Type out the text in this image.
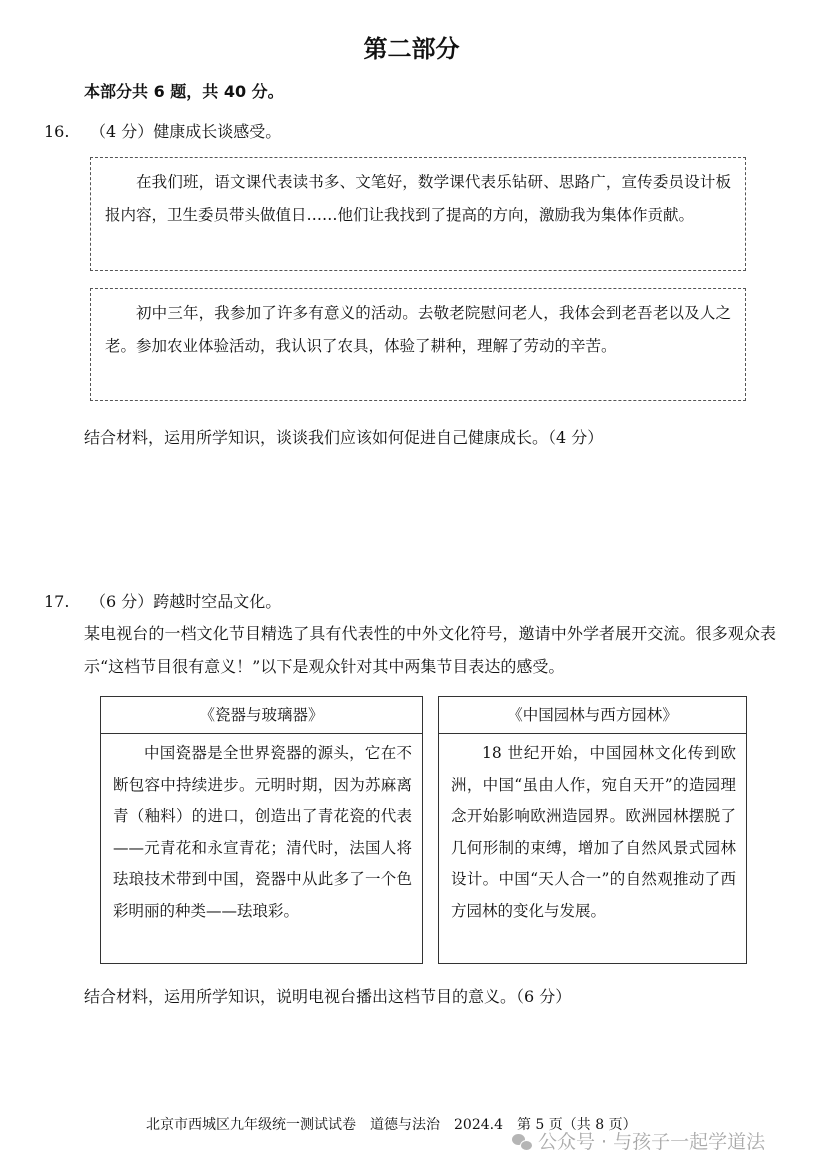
第二部分
本部分共 6 题，共 40 分。
16. （4 分）健康成长谈感受。

在我们班，语文课代表读书多、文笔好，数学课代表乐钻研、思路广，宣传委员设计板报内容，卫生委员带头做值日……他们让我找到了提高的方向，激励我为集体作贡献。

初中三年，我参加了许多有意义的活动。去敬老院慰问老人，我体会到老吾老以及人之老。参加农业体验活动，我认识了农具，体验了耕种，理解了劳动的辛苦。

结合材料，运用所学知识，谈谈我们应该如何促进自己健康成长。（4 分）
17. （6 分）跨越时空品文化。

某电视台的一档文化节目精选了具有代表性的中外文化符号，邀请中外学者展开交流。很多观众表示“这档节目很有意义！”以下是观众针对其中两集节目表达的感受。

《瓷器与玻璃器》

中国瓷器是全世界瓷器的源头，它在不断包容中持续进步。元明时期，因为苏麻离青（釉料）的进口，创造出了青花瓷的代表——元青花和永宣青花；清代时，法国人将珐琅技术带到中国，瓷器中从此多了一个色彩明丽的种类——珐琅彩。

《中国园林与西方园林》

18 世纪开始，中国园林文化传到欧洲，中国“虽由人作，宛自天开”的造园理念开始影响欧洲造园界。欧洲园林摆脱了几何形制的束缚，增加了自然风景式园林设计。中国“天人合一”的自然观推动了西方园林的变化与发展。

结合材料，运用所学知识，说明电视台播出这档节目的意义。（6 分）
北京市西城区九年级统一测试试卷　道德与法治　2024.4　第 5 页（共 8 页）
公众号 · 与孩子一起学道法
